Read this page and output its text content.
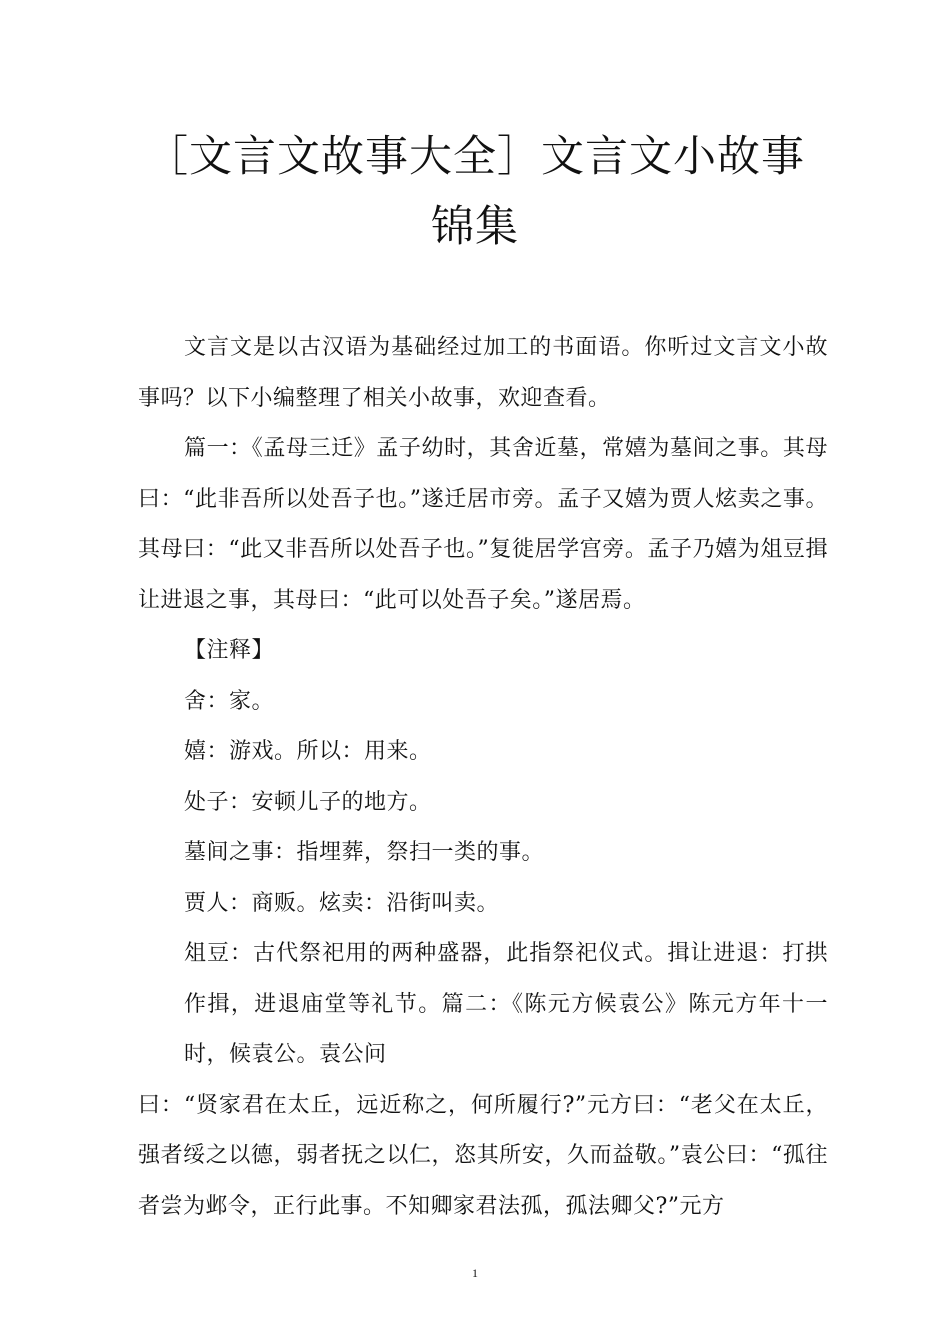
［文言文故事大全］文言文小故事锦集

文言文是以古汉语为基础经过加工的书面语。你听过文言文小故事吗？以下小编整理了相关小故事，欢迎查看。

篇一：《孟母三迁》孟子幼时，其舍近墓，常嬉为墓间之事。其母曰：“此非吾所以处吾子也。”遂迁居市旁。孟子又嬉为贾人炫卖之事。其母曰：“此又非吾所以处吾子也。”复徙居学宫旁。孟子乃嬉为俎豆揖让进退之事，其母曰：“此可以处吾子矣。”遂居焉。

【注释】

舍：家。

嬉：游戏。所以：用来。

处子：安顿儿子的地方。

墓间之事：指埋葬，祭扫一类的事。

贾人：商贩。炫卖：沿街叫卖。

俎豆：古代祭祀用的两种盛器，此指祭祀仪式。揖让进退：打拱作揖，进退庙堂等礼节。篇二：《陈元方候袁公》陈元方年十一时，候袁公。袁公问

曰：“贤家君在太丘，远近称之，何所履行?”元方曰：“老父在太丘，强者绥之以德，弱者抚之以仁，恣其所安，久而益敬。”袁公曰：“孤往者尝为邺令，正行此事。不知卿家君法孤，孤法卿父?”元方

1
